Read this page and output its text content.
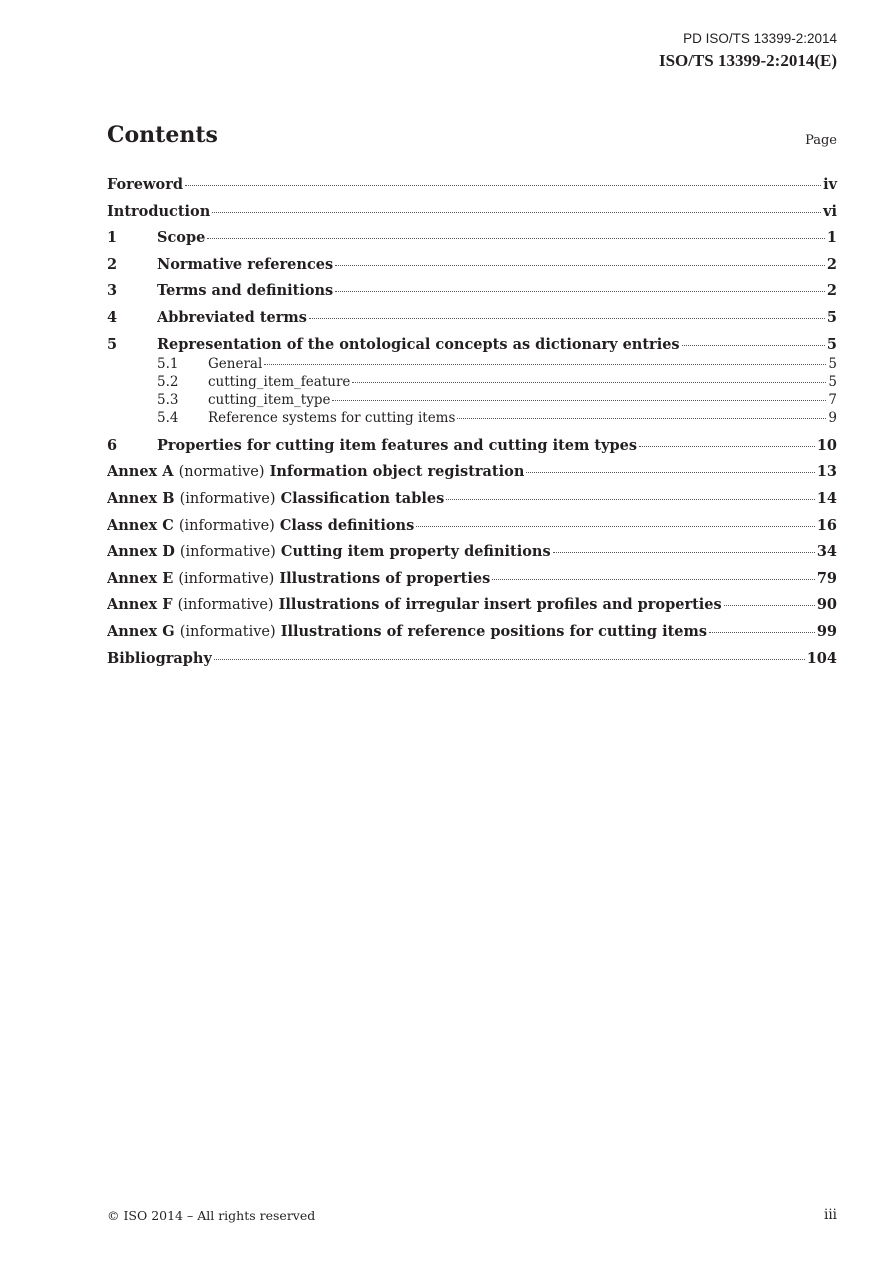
PD ISO/TS 13399-2:2014
ISO/TS 13399-2:2014(E)
Contents	Page
Foreword	iv
Introduction	vi
1	Scope	1
2	Normative references	2
3	Terms and definitions	2
4	Abbreviated terms	5
5	Representation of the ontological concepts as dictionary entries	5
5.1	General	5
5.2	cutting_item_feature	5
5.3	cutting_item_type	7
5.4	Reference systems for cutting items	9
6	Properties for cutting item features and cutting item types	10
Annex A (normative) Information object registration	13
Annex B (informative) Classification tables	14
Annex C (informative) Class definitions	16
Annex D (informative) Cutting item property definitions	34
Annex E (informative) Illustrations of properties	79
Annex F (informative) Illustrations of irregular insert profiles and properties	90
Annex G (informative) Illustrations of reference positions for cutting items	99
Bibliography	104
© ISO 2014 – All rights reserved	iii
